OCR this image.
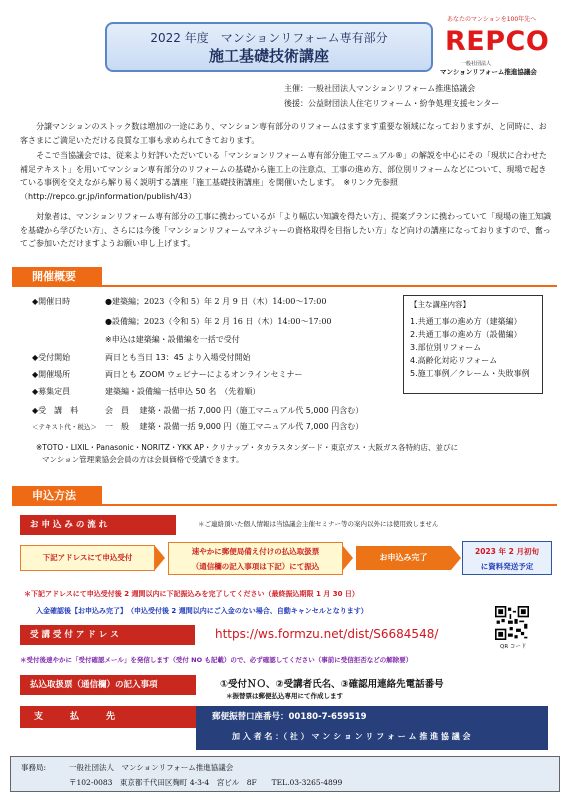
2022 年度　マンションリフォーム専有部分
施工基礎技術講座
あなたのマンションを100年先へ
REPCO
一般社団法人
マンションリフォーム推進協議会
主催：一般社団法人マンションリフォーム推進協議会
後援：公益財団法人住宅リフォーム・紛争処理支援センター
分譲マンションのストック数は増加の一途にあり、マンション専有部分のリフォームはますます重要な領域になっておりますが、と同時に、お客さまにご満足いただける良質な工事も求められてきております。
そこで当協議会では、従来より好評いただいている「マンションリフォーム専有部分施工マニュアル®」の解説を中心にその「現状に合わせた補足テキスト」を用いてマンション専有部分のリフォームの基礎から施工上の注意点、工事の進め方、部位別リフォームなどについて、現場で起きている事例を交えながら解り易く説明する講座「施工基礎技術講座」を開催いたします。　※リンク先参照（http://repco.gr.jp/information/publish/43）
対象者は、マンションリフォーム専有部分の工事に携わっているが「より幅広い知識を得たい方」、提案プランに携わっていて「現場の施工知識を基礎から学びたい方」、さらには今後「マンションリフォームマネジャーの資格取得を目指したい方」など向けの講座になっておりますので、奮ってご参加いただけますようお願い申し上げます。
開催概要
◆開催日時	●建築編；2023（令和 5）年 2 月 9 日（木）14:00～17:00
●設備編；2023（令和 5）年 2 月 16 日（木）14:00～17:00
※申込は建築編・設備編を一括で受付
◆受付開始	両日とも当日 13：45 より入場受付開始
◆開催場所	両日とも ZOOM ウェビナーによるオンラインセミナー
◆募集定員	建築編・設備編一括申込 50 名　（先着順）
◆受　講　料	会　員　 建築・設備一括 7,000 円（施工マニュアル代 5,000 円含む）
＜テキスト代・税込＞ 一　般　 建築・設備一括 9,000 円（施工マニュアル代 7,000 円含む）
【主な講座内容】
1.共通工事の進め方（建築編）
2.共通工事の進め方（設備編）
3.部位別リフォーム
4.高齢化対応リフォーム
5.施工事例／クレーム・失敗事例
※TOTO・LIXIL・Panasonic・NORITZ・YKK AP・クリナップ・タカラスタンダード・東京ガス・大阪ガス各特約店、並びに
マンション管理業協会会員の方は会員価格で受講できます。
申込方法
お 申 込 み の 流 れ	＊ご連絡頂いた個人情報は当協議会主催セミナー等の案内以外には使用致しません
下記アドレスにて申込受付
速やかに郵便局備え付けの払込取扱票
（通信欄の記入事項は下記）にて振込
お申込み完了
2023 年 2 月初旬
に資料発送予定
＊下記アドレスにて申込受付後 2 週間以内に下記振込みを完了してください（最終振込期限 1 月 30 日）
入金確認後【お申込み完了】　（申込受付後 2 週間以内にご入金のない場合、自動キャンセルとなります）
受 講 受 付 ア ド レ ス	https://ws.formzu.net/dist/S6684548/
QR コード
＊受付後速やかに「受付確認メール」を発信します（受付 NO も記載）ので、必ず確認してください（事前に受信拒否などの解除要）
払込取扱票（通信欄）の記入事項	①受付ＮＯ、②受講者氏名、③確認用連絡先電話番号
＊振替票は郵便払込専用にて作成します
支　　　払　　　先	郵便振替口座番号：00180-7-659519
加 入 者 名 ：（ 社 ） マ ン シ ョ ン リ フ ォ ー ム 推 進 協 議 会
事務局:	一般社団法人　マンションリフォーム推進協議会
〒102-0083　東京都千代田区麹町 4-3-4　宮ビル　8F　　TEL.03-3265-4899
